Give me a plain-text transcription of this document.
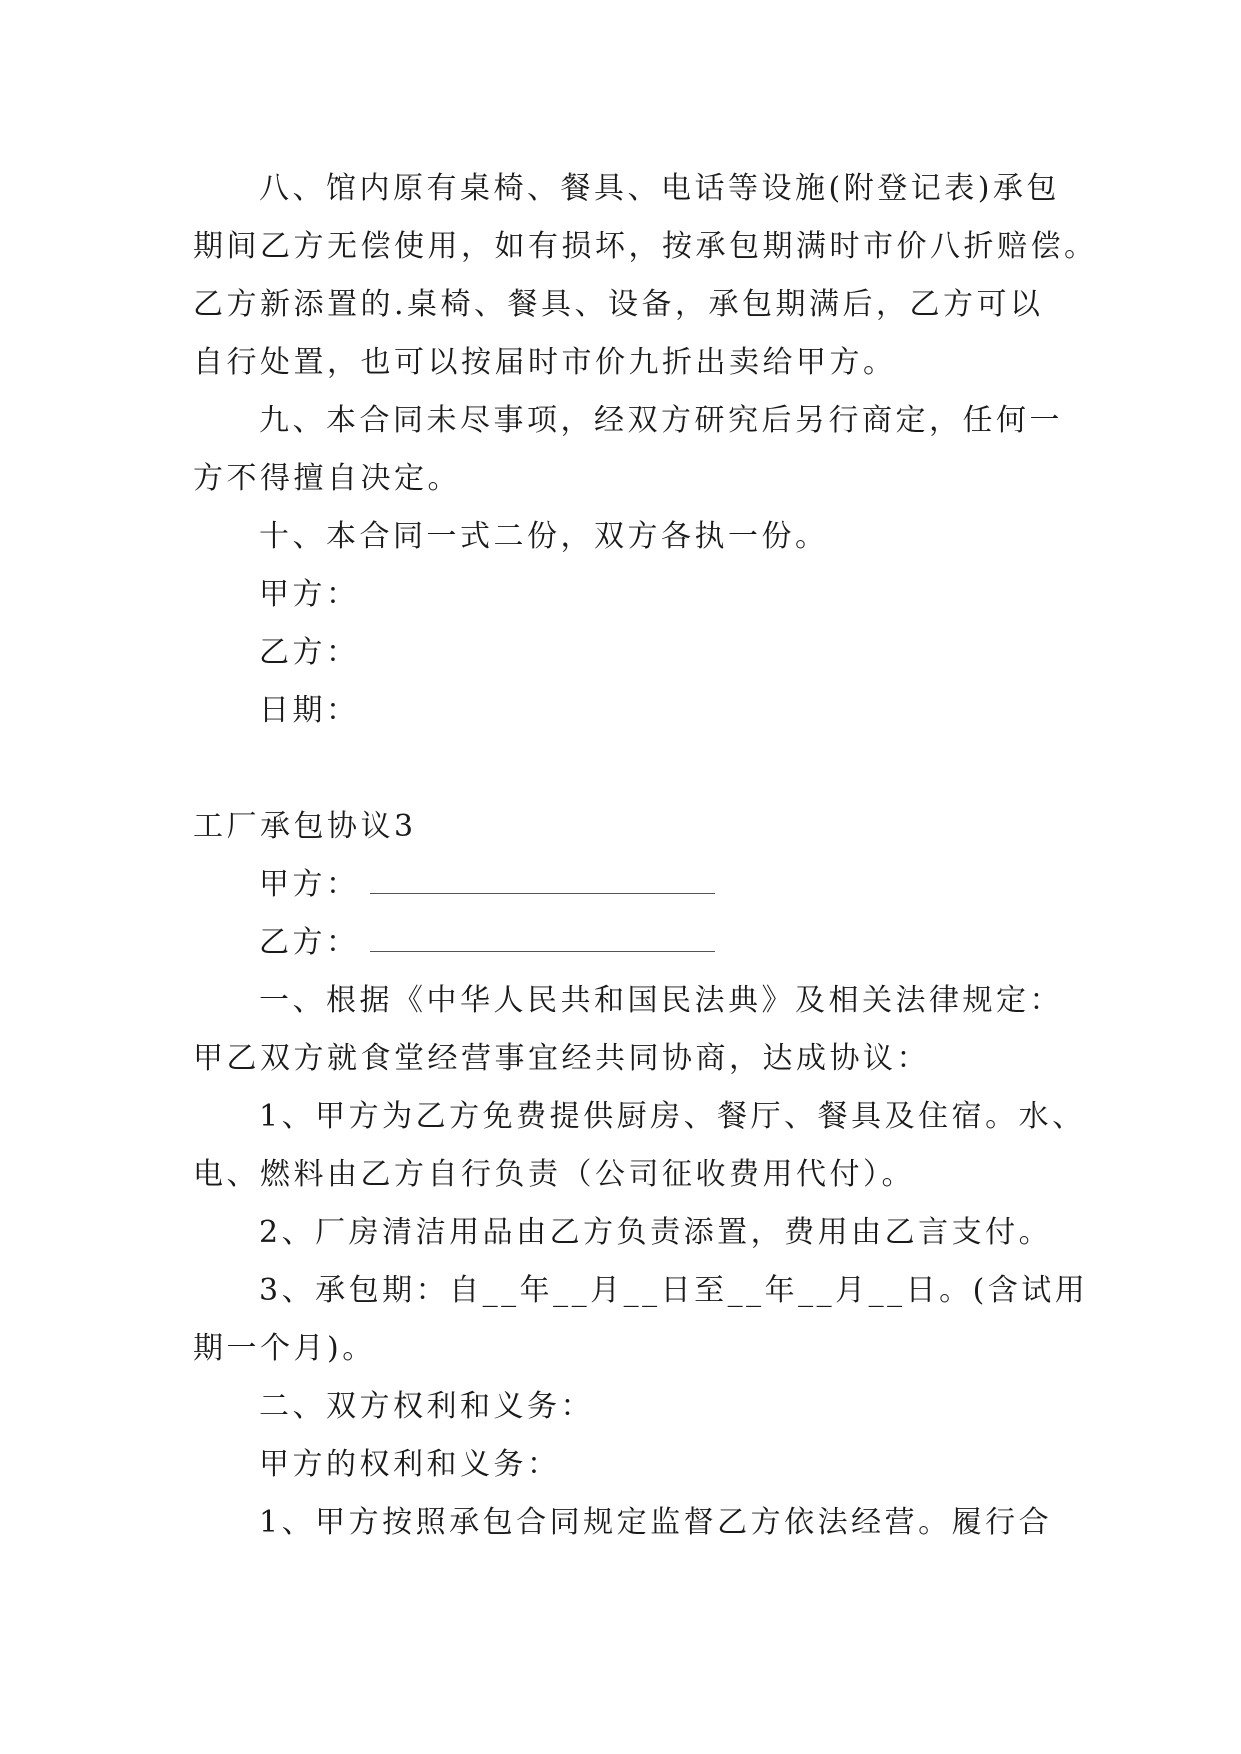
八、馆内原有桌椅、餐具、电话等设施(附登记表)承包
期间乙方无偿使用，如有损坏，按承包期满时市价八折赔偿。
乙方新添置的.桌椅、餐具、设备，承包期满后，乙方可以
自行处置，也可以按届时市价九折出卖给甲方。
九、本合同未尽事项，经双方研究后另行商定，任何一
方不得擅自决定。
十、本合同一式二份，双方各执一份。
甲方：
乙方：
日期：
工厂承包协议3
甲方：
乙方：
一、根据《中华人民共和国民法典》及相关法律规定：
甲乙双方就食堂经营事宜经共同协商，达成协议：
1、甲方为乙方免费提供厨房、餐厅、餐具及住宿。水、
电、燃料由乙方自行负责（公司征收费用代付）。
2、厂房清洁用品由乙方负责添置，费用由乙言支付。
3、承包期：自__年__月__日至__年__月__日。(含试用
期一个月)。
二、双方权利和义务：
甲方的权利和义务：
1、甲方按照承包合同规定监督乙方依法经营。履行合
